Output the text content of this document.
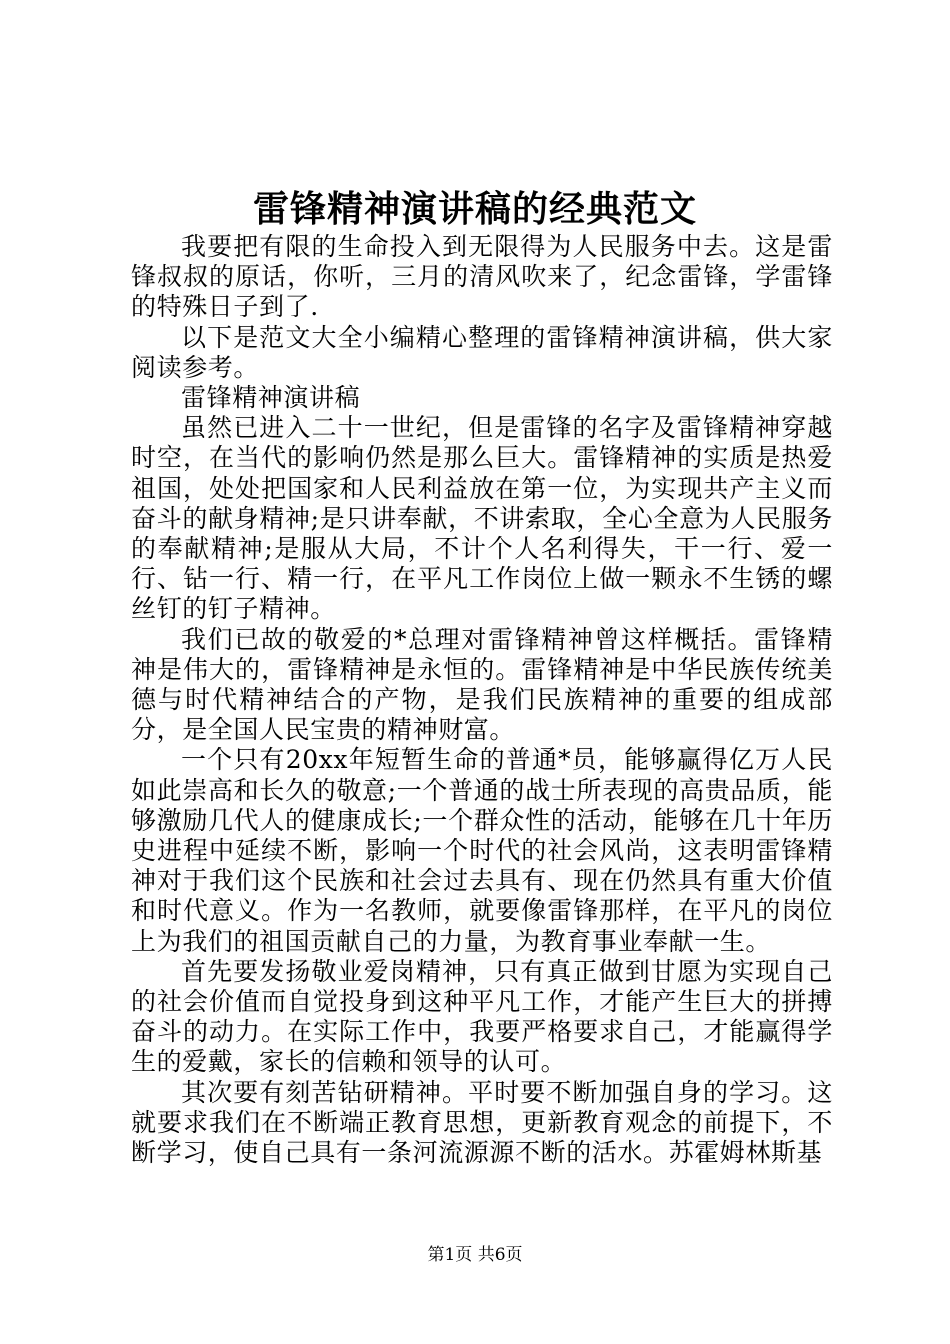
雷锋精神演讲稿的经典范文

我要把有限的生命投入到无限得为人民服务中去。这是雷锋叔叔的原话，你听，三月的清风吹来了，纪念雷锋，学雷锋的特殊日子到了.

以下是范文大全小编精心整理的雷锋精神演讲稿，供大家阅读参考。

雷锋精神演讲稿

虽然已进入二十一世纪，但是雷锋的名字及雷锋精神穿越时空，在当代的影响仍然是那么巨大。雷锋精神的实质是热爱祖国，处处把国家和人民利益放在第一位，为实现共产主义而奋斗的献身精神;是只讲奉献，不讲索取，全心全意为人民服务的奉献精神;是服从大局，不计个人名利得失，干一行、爱一行、钻一行、精一行，在平凡工作岗位上做一颗永不生锈的螺丝钉的钉子精神。

我们已故的敬爱的*总理对雷锋精神曾这样概括。雷锋精神是伟大的，雷锋精神是永恒的。雷锋精神是中华民族传统美德与时代精神结合的产物，是我们民族精神的重要的组成部分，是全国人民宝贵的精神财富。

一个只有20xx年短暂生命的普通*员，能够赢得亿万人民如此崇高和长久的敬意;一个普通的战士所表现的高贵品质，能够激励几代人的健康成长;一个群众性的活动，能够在几十年历史进程中延续不断，影响一个时代的社会风尚，这表明雷锋精神对于我们这个民族和社会过去具有、现在仍然具有重大价值和时代意义。作为一名教师，就要像雷锋那样，在平凡的岗位上为我们的祖国贡献自己的力量，为教育事业奉献一生。

首先要发扬敬业爱岗精神，只有真正做到甘愿为实现自己的社会价值而自觉投身到这种平凡工作，才能产生巨大的拼搏奋斗的动力。在实际工作中，我要严格要求自己，才能赢得学生的爱戴，家长的信赖和领导的认可。

其次要有刻苦钻研精神。平时要不断加强自身的学习。这就要求我们在不断端正教育思想，更新教育观念的前提下，不断学习，使自己具有一条河流源源不断的活水。苏霍姆林斯基

第1页 共6页
